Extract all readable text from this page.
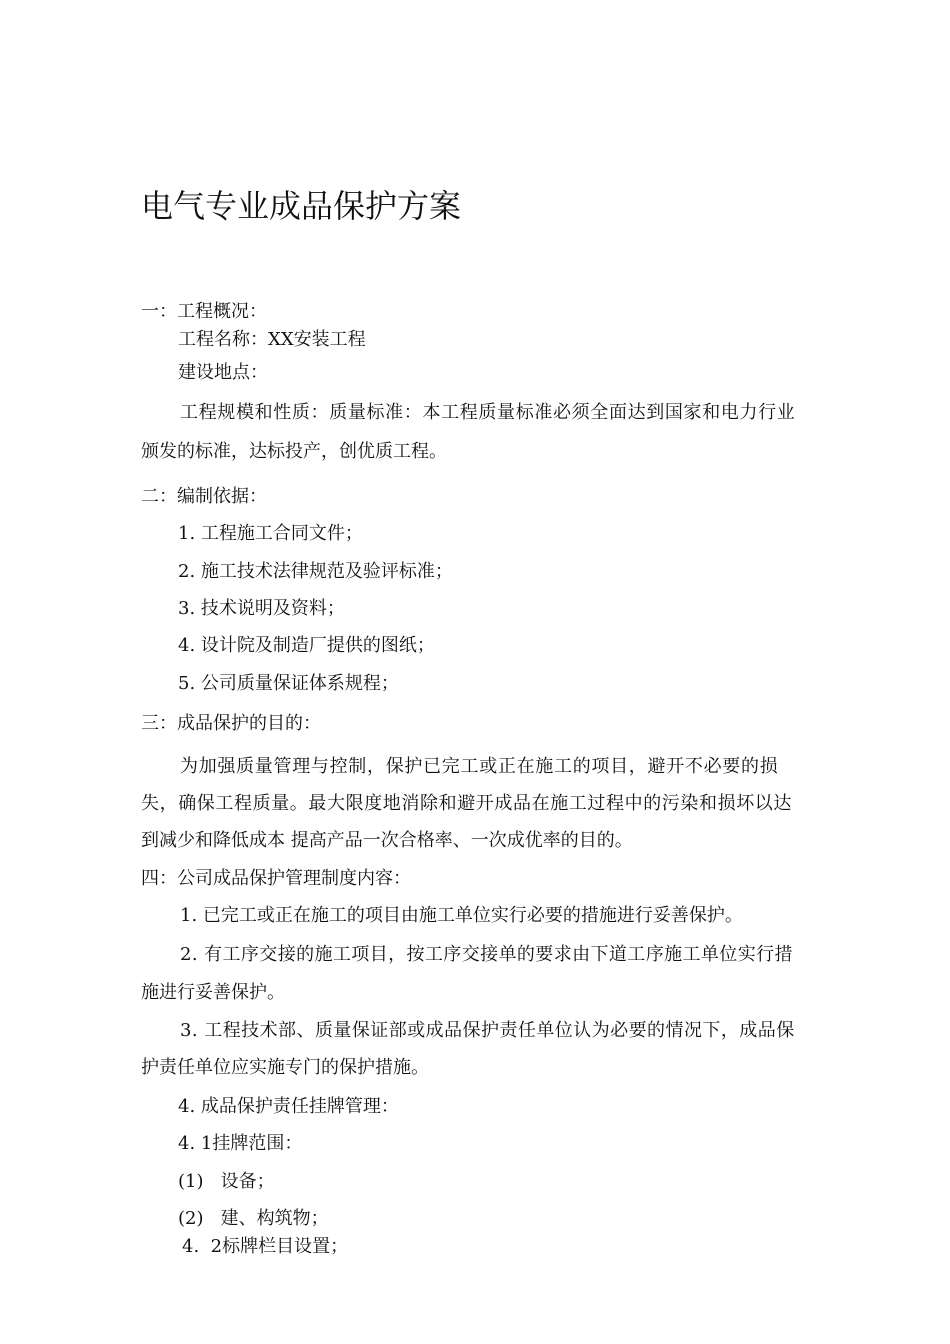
电气专业成品保护方案

一：工程概况：

工程名称：XX安装工程

建设地点：

工程规模和性质：质量标准：本工程质量标准必须全面达到国家和电力行业

颁发的标准，达标投产，创优质工程。

二：编制依据：

1. 工程施工合同文件；

2. 施工技术法律规范及验评标准；

3. 技术说明及资料；

4. 设计院及制造厂提供的图纸；

5. 公司质量保证体系规程；

三：成品保护的目的：

为加强质量管理与控制，保护已完工或正在施工的项目，避开不必要的损

失，确保工程质量。最大限度地消除和避开成品在施工过程中的污染和损坏以达

到减少和降低成本 提高产品一次合格率、一次成优率的目的。

四：公司成品保护管理制度内容：

1. 已完工或正在施工的项目由施工单位实行必要的措施进行妥善保护。

2. 有工序交接的施工项目，按工序交接单的要求由下道工序施工单位实行措

施进行妥善保护。

3. 工程技术部、质量保证部或成品保护责任单位认为必要的情况下，成品保

护责任单位应实施专门的保护措施。

4. 成品保护责任挂牌管理：

4. 1挂牌范围：

(1)   设备；

(2)   建、构筑物；

4.  2标牌栏目设置；
